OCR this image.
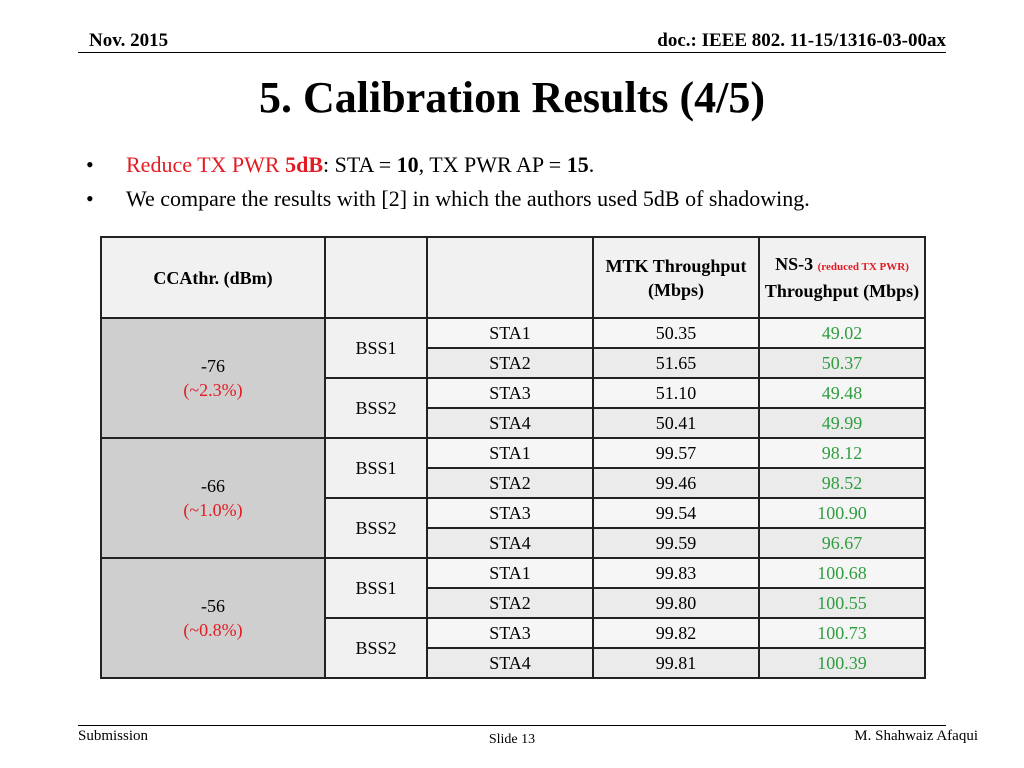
Nov. 2015	doc.: IEEE 802. 11-15/1316-03-00ax
5. Calibration Results (4/5)
• Reduce TX PWR 5dB: STA = 10, TX PWR AP = 15.
• We compare the results with [2] in which the authors used 5dB of shadowing.
CCAthr. (dBm)			MTK Throughput (Mbps)	NS-3 (reduced TX PWR)
Throughput (Mbps)

-76
(~2.3%)	BSS1	STA1	50.35	49.02
		STA2	51.65	50.37
	BSS2	STA3	51.10	49.48
		STA4	50.41	49.99

-66
(~1.0%)	BSS1	STA1	99.57	98.12
		STA2	99.46	98.52
	BSS2	STA3	99.54	100.90
		STA4	99.59	96.67

-56
(~0.8%)	BSS1	STA1	99.83	100.68
		STA2	99.80	100.55
	BSS2	STA3	99.82	100.73
		STA4	99.81	100.39
Submission	Slide 13	M. Shahwaiz Afaqui
